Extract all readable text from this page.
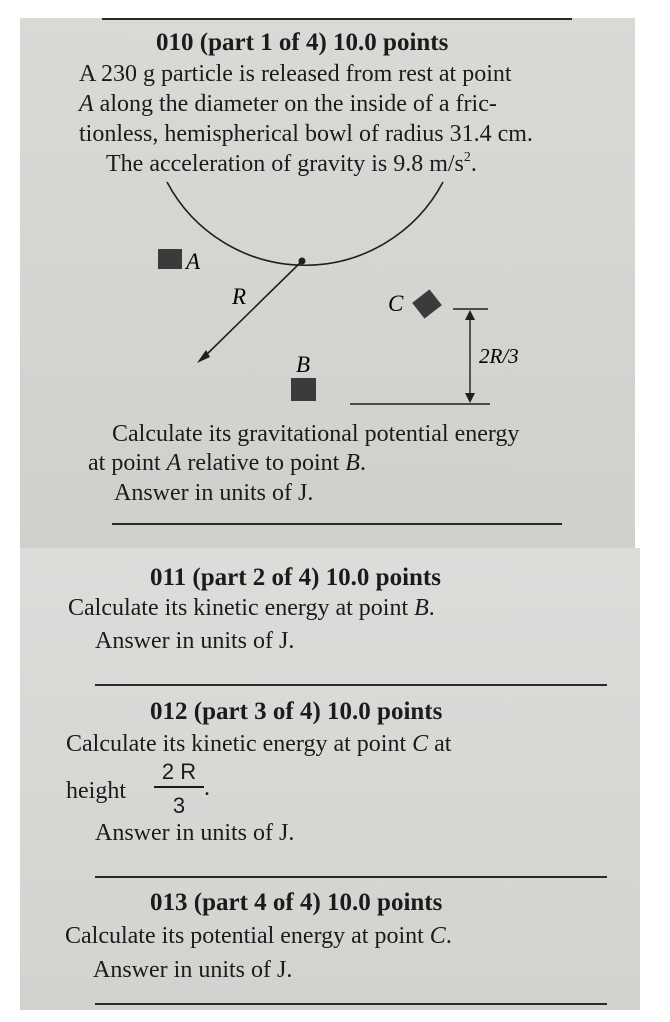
010 (part 1 of 4) 10.0 points
A 230 g particle is released from rest at point
A along the diameter on the inside of a fric-
tionless, hemispherical bowl of radius 31.4 cm.
The acceleration of gravity is 9.8 $m/s^2$.
A
R
B
C
2R/3
Calculate its gravitational potential energy
at point A relative to point B.
Answer in units of J.
011 (part 2 of 4) 10.0 points
Calculate its kinetic energy at point B.
Answer in units of J.
012 (part 3 of 4) 10.0 points
Calculate its kinetic energy at point C at
height
2 R
3
.
Answer in units of J.
013 (part 4 of 4) 10.0 points
Calculate its potential energy at point C.
Answer in units of J.
